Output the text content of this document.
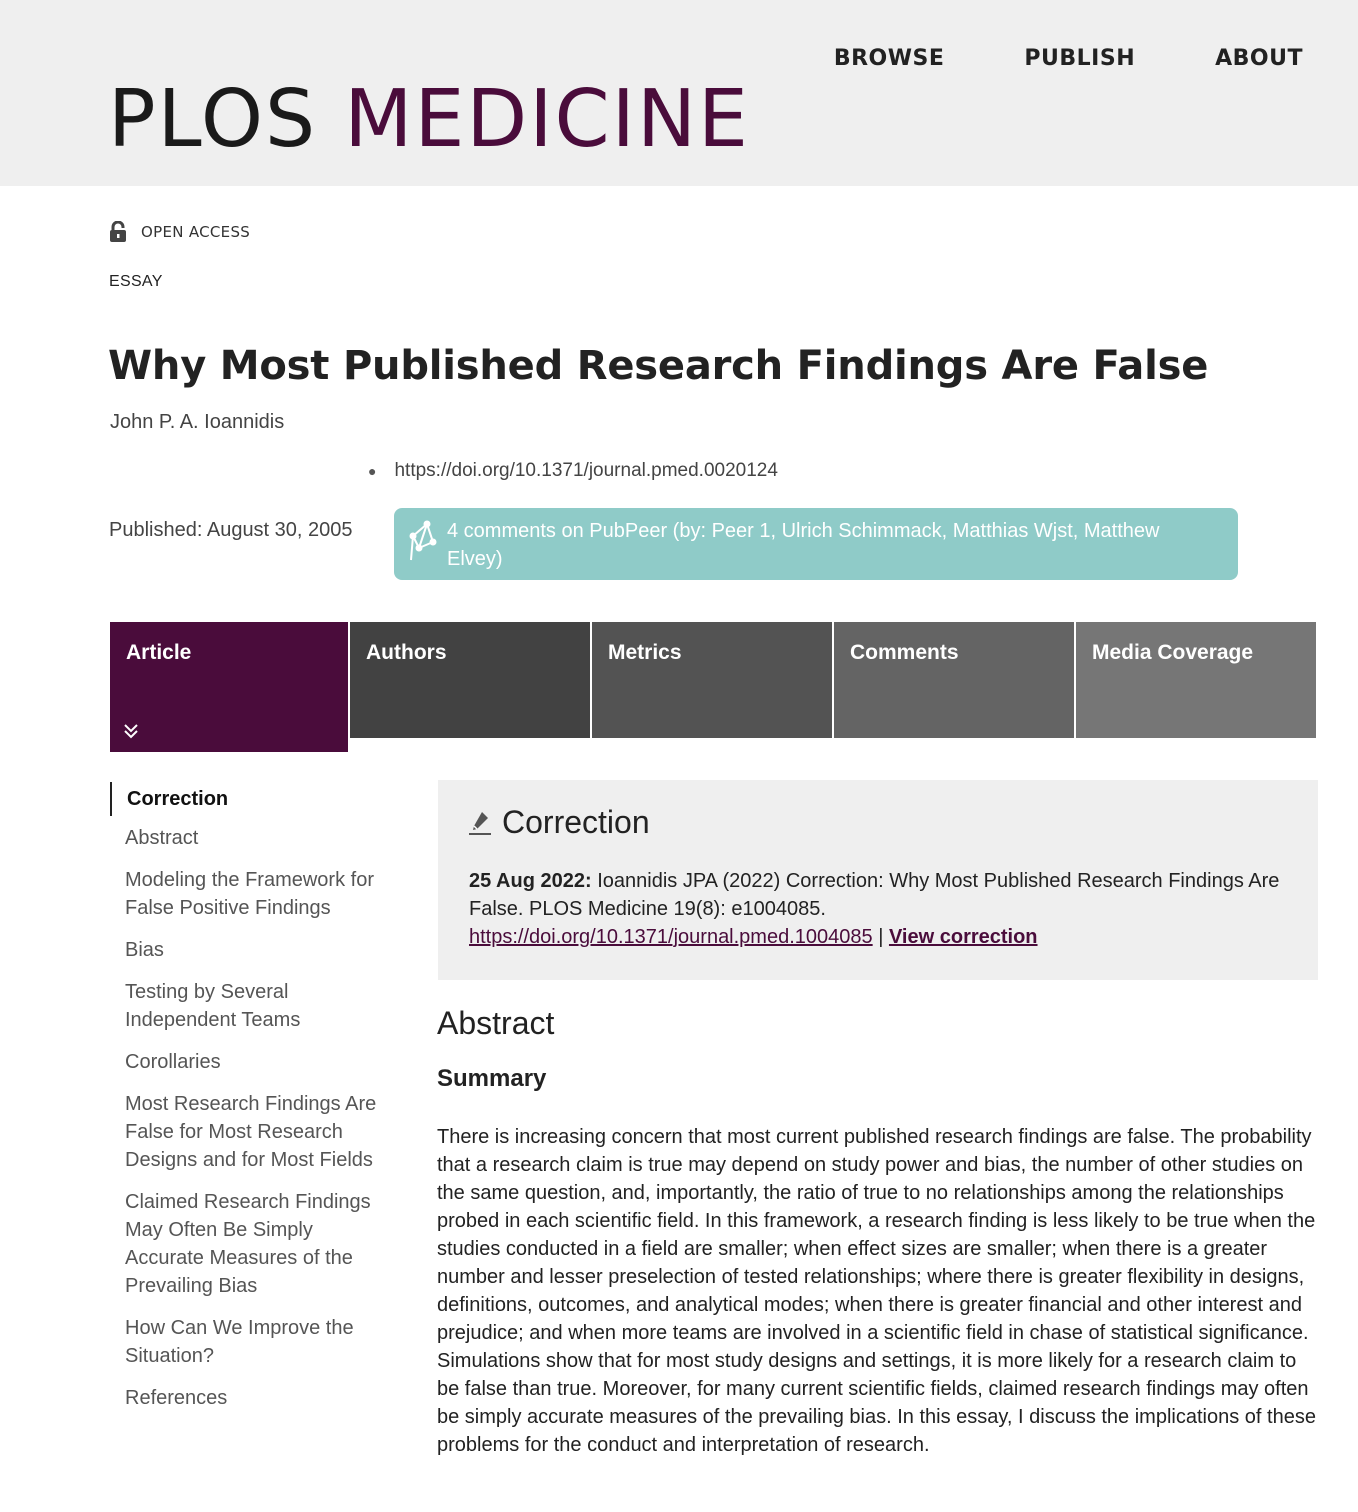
PLOS MEDICINE
BROWSE	PUBLISH	ABOUT
OPEN ACCESS
ESSAY
Why Most Published Research Findings Are False
John P. A. Ioannidis
● https://doi.org/10.1371/journal.pmed.0020124
Published: August 30, 2005	4 comments on PubPeer (by: Peer 1, Ulrich Schimmack, Matthias Wjst, Matthew Elvey)
Article	Authors	Metrics	Comments	Media Coverage
Correction
Abstract
Modeling the Framework for False Positive Findings
Bias
Testing by Several Independent Teams
Corollaries
Most Research Findings Are False for Most Research Designs and for Most Fields
Claimed Research Findings May Often Be Simply Accurate Measures of the Prevailing Bias
How Can We Improve the Situation?
References
Correction

25 Aug 2022: Ioannidis JPA (2022) Correction: Why Most Published Research Findings Are False. PLOS Medicine 19(8): e1004085.
https://doi.org/10.1371/journal.pmed.1004085 | View correction

Abstract
Summary

There is increasing concern that most current published research findings are false. The probability that a research claim is true may depend on study power and bias, the number of other studies on the same question, and, importantly, the ratio of true to no relationships among the relationships probed in each scientific field. In this framework, a research finding is less likely to be true when the studies conducted in a field are smaller; when effect sizes are smaller; when there is a greater number and lesser preselection of tested relationships; where there is greater flexibility in designs, definitions, outcomes, and analytical modes; when there is greater financial and other interest and prejudice; and when more teams are involved in a scientific field in chase of statistical significance. Simulations show that for most study designs and settings, it is more likely for a research claim to be false than true. Moreover, for many current scientific fields, claimed research findings may often be simply accurate measures of the prevailing bias. In this essay, I discuss the implications of these problems for the conduct and interpretation of research.
